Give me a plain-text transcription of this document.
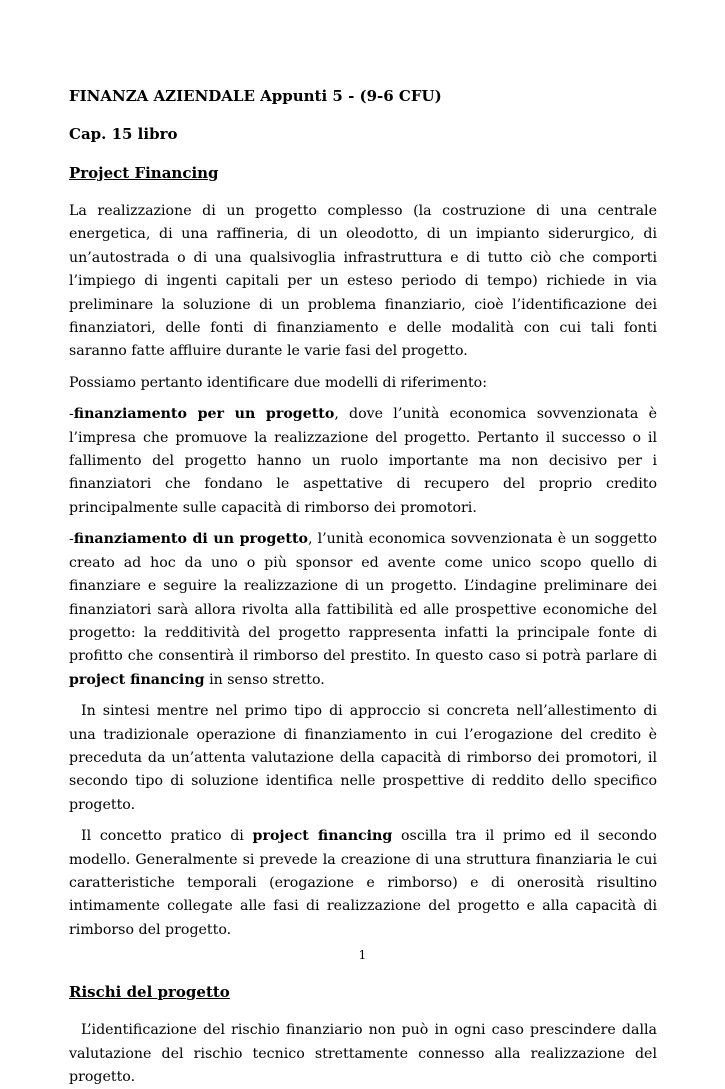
FINANZA AZIENDALE Appunti 5 - (9-6 CFU)

Cap. 15 libro

Project Financing

La realizzazione di un progetto complesso (la costruzione di una centrale energetica, di una raffineria, di un oleodotto, di un impianto siderurgico, di un’autostrada o di una qualsivoglia infrastruttura e di tutto ciò che comporti l’impiego di ingenti capitali per un esteso periodo di tempo) richiede in via preliminare la soluzione di un problema finanziario, cioè l’identificazione dei finanziatori, delle fonti di finanziamento e delle modalità con cui tali fonti saranno fatte affluire durante le varie fasi del progetto.

Possiamo pertanto identificare due modelli di riferimento:

-finanziamento per un progetto, dove l’unità economica sovvenzionata è l’impresa che promuove la realizzazione del progetto. Pertanto il successo o il fallimento del progetto hanno un ruolo importante ma non decisivo per i finanziatori che fondano le aspettative di recupero del proprio credito principalmente sulle capacità di rimborso dei promotori.

-finanziamento di un progetto, l’unità economica sovvenzionata è un soggetto creato ad hoc da uno o più sponsor ed avente come unico scopo quello di finanziare e seguire la realizzazione di un progetto. L’indagine preliminare dei finanziatori sarà allora rivolta alla fattibilità ed alle prospettive economiche del progetto: la redditività del progetto rappresenta infatti la principale fonte di profitto che consentirà il rimborso del prestito. In questo caso si potrà parlare di project financing in senso stretto.

In sintesi mentre nel primo tipo di approccio si concreta nell’allestimento di una tradizionale operazione di finanziamento in cui l’erogazione del credito è preceduta da un’attenta valutazione della capacità di rimborso dei promotori, il secondo tipo di soluzione identifica nelle prospettive di reddito dello specifico progetto.

Il concetto pratico di project financing oscilla tra il primo ed il secondo modello. Generalmente si prevede la creazione di una struttura finanziaria le cui caratteristiche temporali (erogazione e rimborso) e di onerosità risultino intimamente collegate alle fasi di realizzazione del progetto e alla capacità di rimborso del progetto.

Rischi del progetto

L’identificazione del rischio finanziario non può in ogni caso prescindere dalla valutazione del rischio tecnico strettamente connesso alla realizzazione del progetto.

1
